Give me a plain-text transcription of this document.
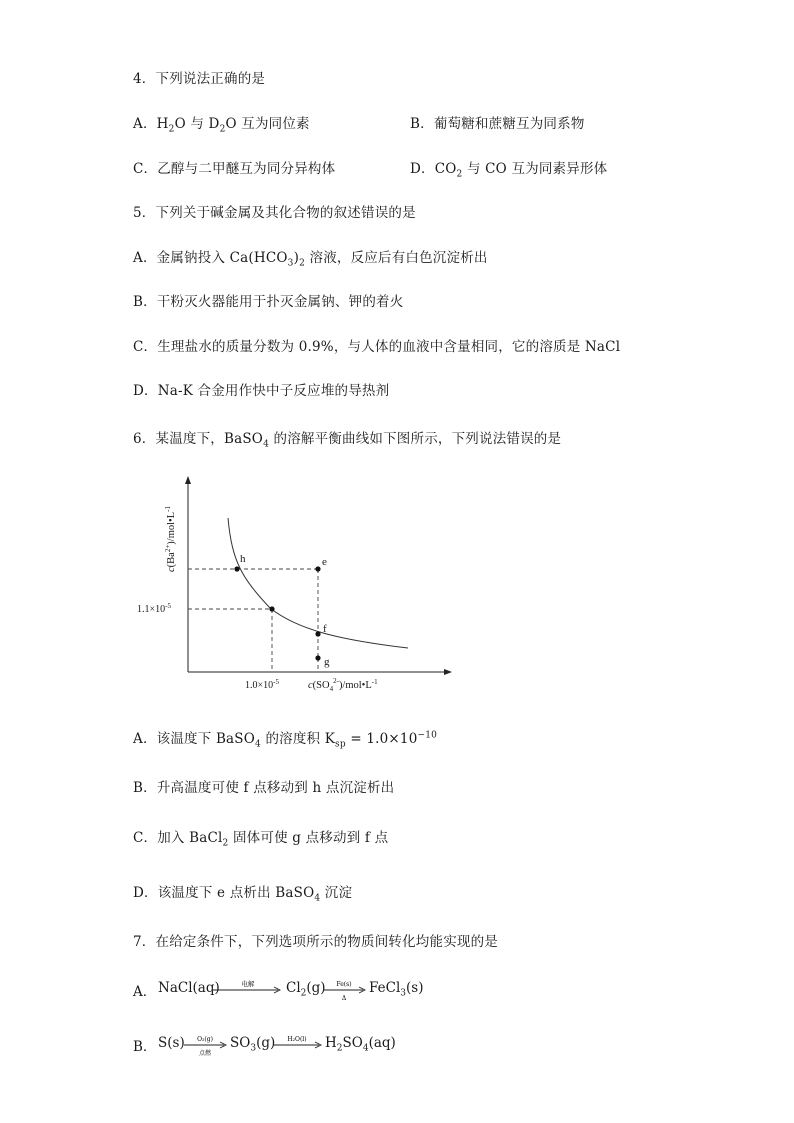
4．下列说法正确的是
A．$H_2O$ 与 $D_2O$ 互为同位素	B．葡萄糖和蔗糖互为同系物
C．乙醇与二甲醚互为同分异构体	D．$CO_2$ 与 CO 互为同素异形体
5．下列关于碱金属及其化合物的叙述错误的是
A．金属钠投入 $Ca(HCO_3)_2$ 溶液，反应后有白色沉淀析出
B．干粉灭火器能用于扑灭金属钠、钾的着火
C．生理盐水的质量分数为 0.9%，与人体的血液中含量相同，它的溶质是 NaCl
D．Na-K 合金用作快中子反应堆的导热剂
6．某温度下，BaSO$_4$ 的溶解平衡曲线如下图所示，下列说法错误的是
h	e
f
g
$1.1\times 10^{-5}$
$1.0\times 10^{-5}$	$c(SO_4^{2-})/mol•L^{-1}$
$c(Ba^{2+})/mol•L^{-1}$
A．该温度下 BaSO$_4$ 的溶度积 $K_{sp} = 1.0\times 10^{-10}$
B．升高温度可使 f 点移动到 h 点沉淀析出
C．加入 BaCl$_2$ 固体可使 g 点移动到 f 点
D．该温度下 e 点析出 BaSO$_4$ 沉淀
7．在给定条件下，下列选项所示的物质间转化均能实现的是
A． NaCl(aq)	电解 $Cl_2(g)$ Fe(s)
Δ
FeCl$_3$(s)
B． S(s) O₂(g)
点燃
$SO_3(g)$ H₂O(l) $H_2SO_4(aq)$
